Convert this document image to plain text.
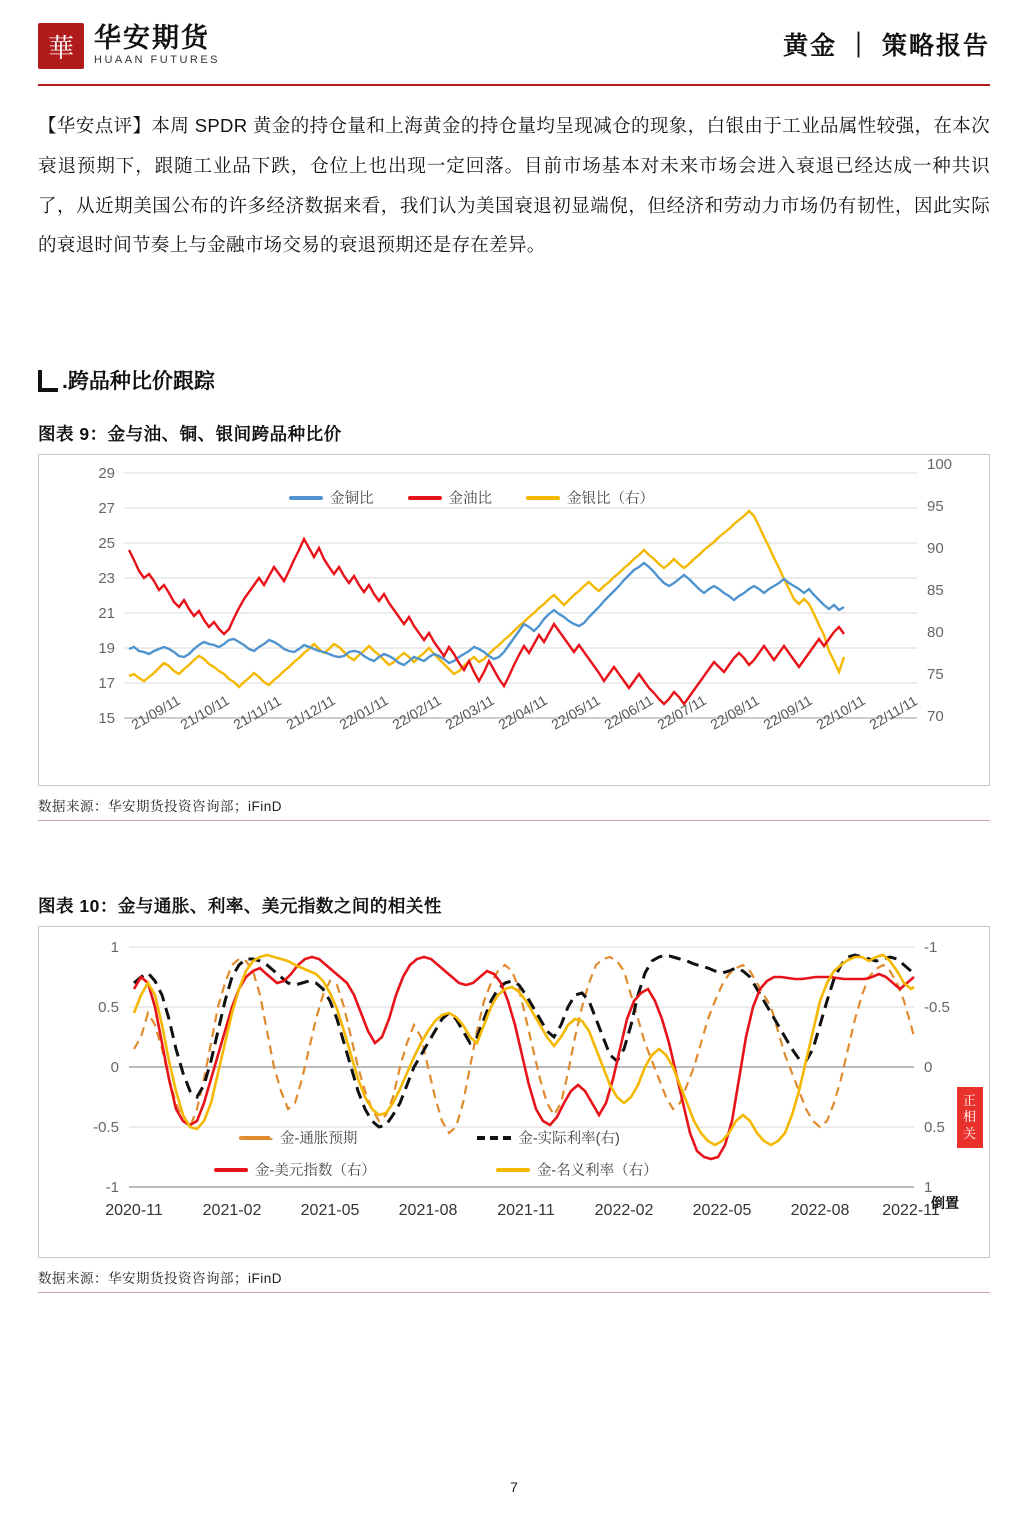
華 华安期货
HUAAN FUTURES
黄金 ｜ 策略报告
【华安点评】本周 SPDR 黄金的持仓量和上海黄金的持仓量均呈现减仓的现象，白银由于工业品属性较强，在本次衰退预期下，跟随工业品下跌，仓位上也出现一定回落。目前市场基本对未来市场会进入衰退已经达成一种共识了，从近期美国公布的许多经济数据来看，我们认为美国衰退初显端倪，但经济和劳动力市场仍有韧性，因此实际的衰退时间节奏上与金融市场交易的衰退预期还是存在差异。
.跨品种比价跟踪
图表 9：金与油、铜、银间跨品种比价
29
27
25
23
21
19
17
15
100
95
90
85
80
75
70
21/09/11
21/10/11
21/11/11 21/12/11
22/01/11
22/02/11
22/03/11
22/04/11
22/05/11
22/06/11
22/07/11
22/08/11
22/09/11
22/10/11
22/11/11
金铜比	金油比	金银比（右）
数据来源：华安期货投资咨询部；iFinD
图表 10：金与通胀、利率、美元指数之间的相关性
1
0.5
0
-0.5
-1
-1
-0.5
0
0.5
1
2020-11 2021-02 2021-05 2021-08 2021-11 2022-02 2022-05 2022-08 2022-11
金-通胀预期	金-实际利率(右)
金-美元指数（右）	金-名义利率（右）
正相关
倒置
数据来源：华安期货投资咨询部；iFinD
7
